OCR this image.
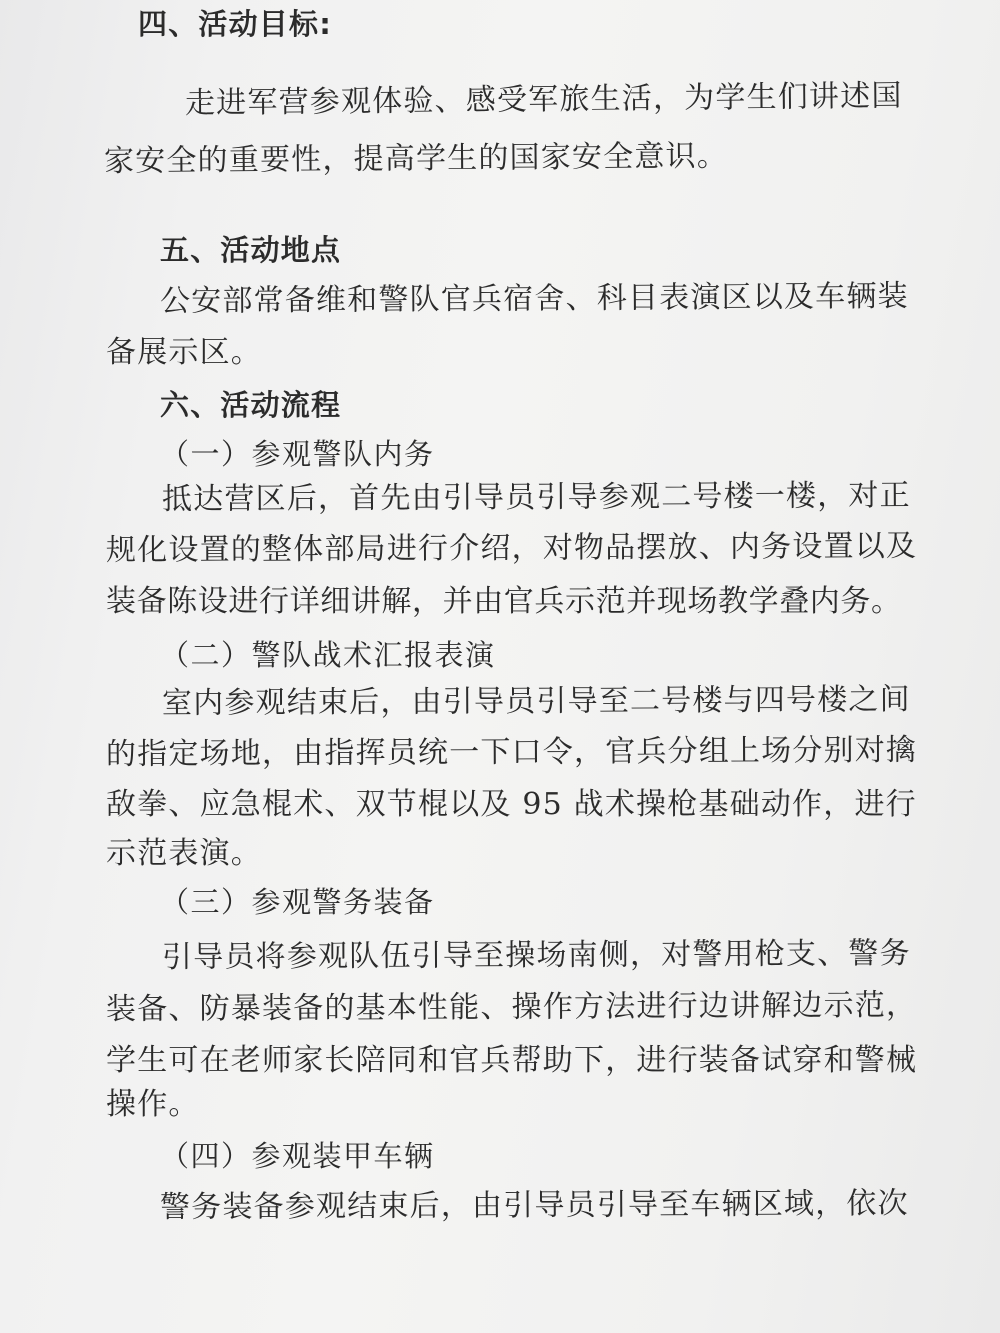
四、活动目标:
走进军营参观体验、感受军旅生活，为学生们讲述国
家安全的重要性，提高学生的国家安全意识。
五、活动地点
公安部常备维和警队官兵宿舍、科目表演区以及车辆装
备展示区。
六、活动流程
（一）参观警队内务
抵达营区后，首先由引导员引导参观二号楼一楼，对正
规化设置的整体部局进行介绍，对物品摆放、内务设置以及
装备陈设进行详细讲解，并由官兵示范并现场教学叠内务。
（二）警队战术汇报表演
室内参观结束后，由引导员引导至二号楼与四号楼之间
的指定场地，由指挥员统一下口令，官兵分组上场分别对擒
敌拳、应急棍术、双节棍以及 95 战术操枪基础动作，进行
示范表演。
（三）参观警务装备
引导员将参观队伍引导至操场南侧，对警用枪支、警务
装备、防暴装备的基本性能、操作方法进行边讲解边示范，
学生可在老师家长陪同和官兵帮助下，进行装备试穿和警械
操作。
（四）参观装甲车辆
警务装备参观结束后，由引导员引导至车辆区域，依次
